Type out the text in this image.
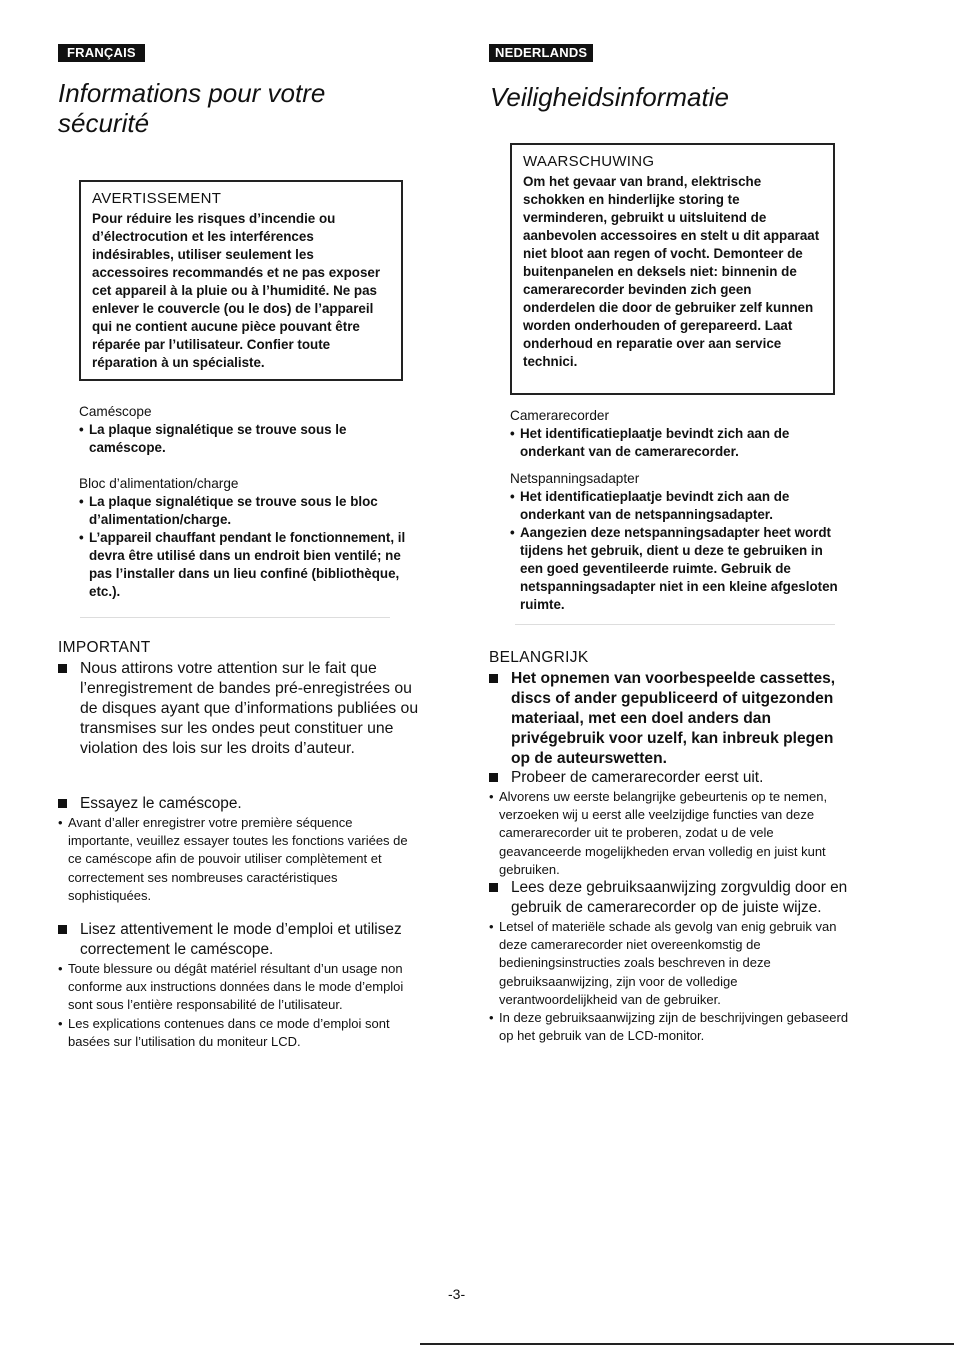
FRANÇAIS
Informations pour votre
sécurité

AVERTISSEMENT

Pour réduire les risques d’incendie ou d’électrocution et les interférences indésirables, utiliser seulement les accessoires recommandés et ne pas exposer cet appareil à la pluie ou à l’humidité. Ne pas enlever le couvercle (ou le dos) de l’appareil qui ne contient aucune pièce pouvant être réparée par l’utilisateur. Confier toute réparation à un spécialiste.

Caméscope

• La plaque signalétique se trouve sous le caméscope.

Bloc d’alimentation/charge

• La plaque signalétique se trouve sous le bloc d’alimentation/charge.

• L’appareil chauffant pendant le fonctionnement, il devra être utilisé dans un endroit bien ventilé; ne pas l’installer dans un lieu confiné (bibliothèque, etc.).

IMPORTANT

Nous attirons votre attention sur le fait que l’enregistrement de bandes pré-enregistrées ou de disques ayant que d’informations publiées ou transmises sur les ondes peut constituer une violation des lois sur les droits d’auteur.

Essayez le caméscope.

• Avant d’aller enregistrer votre première séquence importante, veuillez essayer toutes les fonctions variées de ce caméscope afin de pouvoir utiliser complètement et correctement ses nombreuses caractéristiques sophistiquées.

Lisez attentivement le mode d’emploi et utilisez correctement le caméscope.

• Toute blessure ou dégât matériel résultant d’un usage non conforme aux instructions données dans le mode d’emploi sont sous l’entière responsabilité de l’utilisateur.

• Les explications contenues dans ce mode d’emploi sont basées sur l’utilisation du moniteur LCD.

NEDERLANDS
Veiligheidsinformatie

WAARSCHUWING

Om het gevaar van brand, elektrische schokken en hinderlijke storing te verminderen, gebruikt u uitsluitend de aanbevolen accessoires en stelt u dit apparaat niet bloot aan regen of vocht. Demonteer de buitenpanelen en deksels niet: binnenin de camerarecorder bevinden zich geen onderdelen die door de gebruiker zelf kunnen worden onderhouden of gerepareerd. Laat onderhoud en reparatie over aan service technici.

Camerarecorder

• Het identificatieplaatje bevindt zich aan de onderkant van de camerarecorder.

Netspanningsadapter

• Het identificatieplaatje bevindt zich aan de onderkant van de netspanningsadapter.

• Aangezien deze netspanningsadapter heet wordt tijdens het gebruik, dient u deze te gebruiken in een goed geventileerde ruimte. Gebruik de netspanningsadapter niet in een kleine afgesloten ruimte.

BELANGRIJK

Het opnemen van voorbespeelde cassettes, discs of ander gepubliceerd of uitgezonden materiaal, met een doel anders dan privégebruik voor uzelf, kan inbreuk plegen op de auteurswetten.

Probeer de camerarecorder eerst uit.

• Alvorens uw eerste belangrijke gebeurtenis op te nemen, verzoeken wij u eerst alle veelzijdige functies van deze camerarecorder uit te proberen, zodat u de vele geavanceerde mogelijkheden ervan volledig en juist kunt gebruiken.

Lees deze gebruiksaanwijzing zorgvuldig door en gebruik de camerarecorder op de juiste wijze.

• Letsel of materiële schade als gevolg van enig gebruik van deze camerarecorder niet overeenkomstig de bedieningsinstructies zoals beschreven in deze gebruiksaanwijzing, zijn voor de volledige verantwoordelijkheid van de gebruiker.

• In deze gebruiksaanwijzing zijn de beschrijvingen gebaseerd op het gebruik van de LCD-monitor.

-3-
